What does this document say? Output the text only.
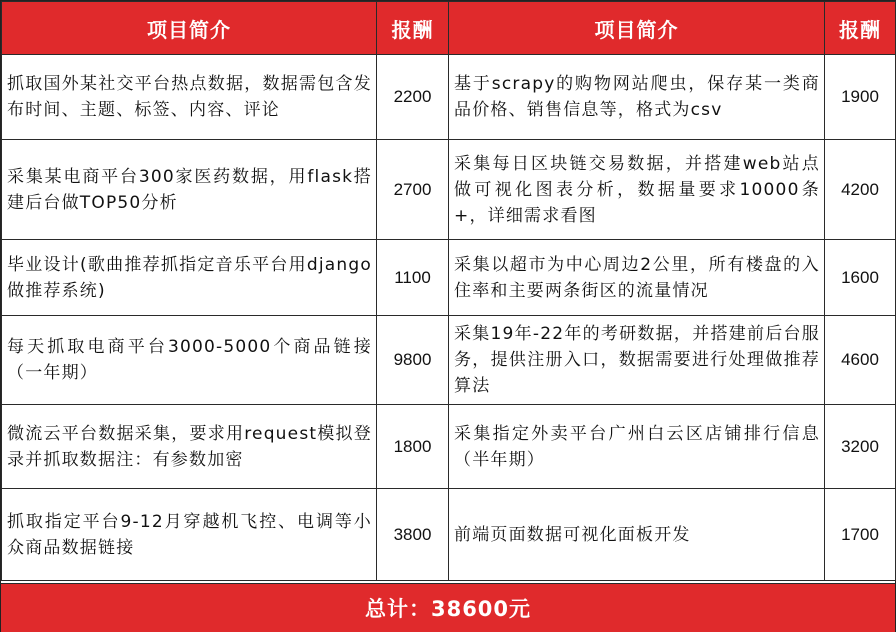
项目简介	报酬	项目简介	报酬
抓取国外某社交平台热点数据，数据需包含发布时间、主题、标签、内容、评论	2200	基于scrapy的购物网站爬虫，保存某一类商品价格、销售信息等，格式为csv	1900
采集某电商平台300家医药数据，用flask搭建后台做TOP50分析	2700	采集每日区块链交易数据，并搭建web站点做可视化图表分析，数据量要求10000条+，详细需求看图	4200
毕业设计(歌曲推荐抓指定音乐平台用django做推荐系统)	1100	采集以超市为中心周边2公里，所有楼盘的入住率和主要两条街区的流量情况	1600
每天抓取电商平台3000-5000个商品链接（一年期）	9800	采集19年-22年的考研数据，并搭建前后台服务，提供注册入口，数据需要进行处理做推荐算法	4600
微流云平台数据采集，要求用request模拟登录并抓取数据注：有参数加密	1800	采集指定外卖平台广州白云区店铺排行信息（半年期）	3200
抓取指定平台9-12月穿越机飞控、电调等小众商品数据链接	3800	前端页面数据可视化面板开发	1700
总计：38600元
